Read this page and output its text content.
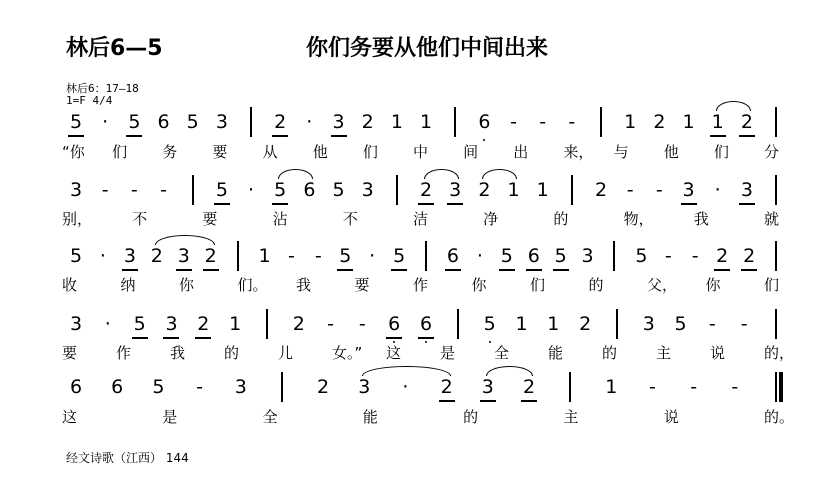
林后6—5	你们务要从他们中间出来
林后6：17—18
1=F 4/4
5 · 5 6 5 3 2 · 3 2 1 1 6 - - -	1 2 1 1 2
“你 们 务 要 从 他 们 中 间 出 来， 与 他 们 分
3 - - -	5 · 5 6 5 3 2 3 2 1 1 2 - - 3 · 3
别，	不	要	沾	不	洁	净	的	物，	我	就
5 · 3 2 3 2 1 - - 5 · 5 6 · 5 6 5 3 5 - - 2 2
收	纳	你	们。 我	要	作	你	们	的	父， 你	们
3 · 5 3 2 1	2 - - 6 6	5 1 1 2	3 5 - -
要	作	我	的	儿	女。” 这	是	全	能	的	主	说	的，
6 6 5 - 3	2 3 · 2 3 2	1 - - -
这	是	全	能	的	主	说	的。
经文诗歌（江西） 144
